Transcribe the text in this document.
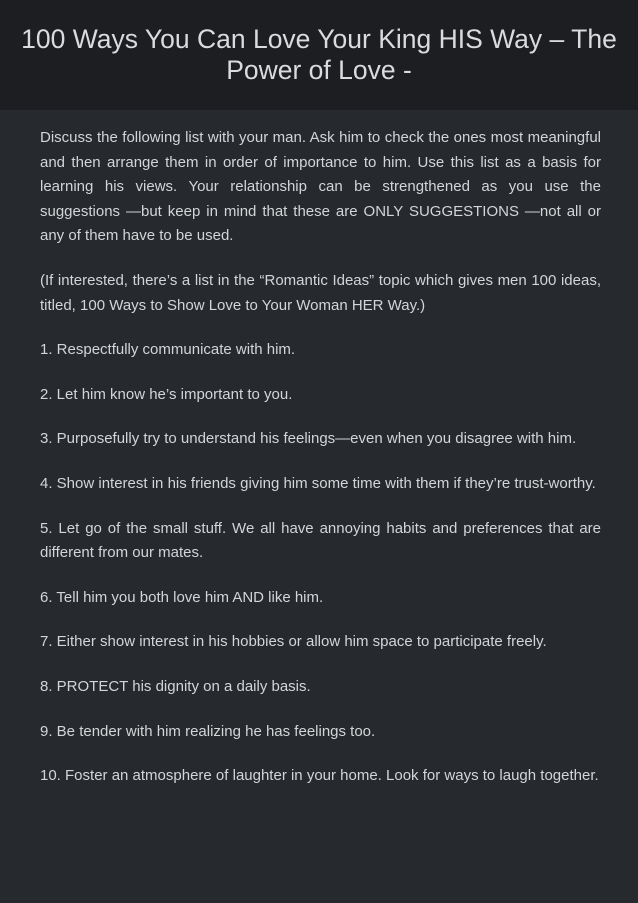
100 Ways You Can Love Your King HIS Way – The Power of Love -

Discuss the following list with your man. Ask him to check the ones most meaningful and then arrange them in order of importance to him. Use this list as a basis for learning his views. Your relationship can be strengthened as you use the suggestions —but keep in mind that these are ONLY SUGGESTIONS —not all or any of them have to be used.

(If interested, there’s a list in the “Romantic Ideas” topic which gives men 100 ideas, titled, 100 Ways to Show Love to Your Woman HER Way.)

1. Respectfully communicate with him.

2. Let him know he’s important to you.

3. Purposefully try to understand his feelings—even when you disagree with him.

4. Show interest in his friends giving him some time with them if they’re trust-worthy.

5. Let go of the small stuff. We all have annoying habits and preferences that are different from our mates.

6. Tell him you both love him AND like him.

7. Either show interest in his hobbies or allow him space to participate freely.

8. PROTECT his dignity on a daily basis.

9. Be tender with him realizing he has feelings too.

10. Foster an atmosphere of laughter in your home. Look for ways to laugh together.
